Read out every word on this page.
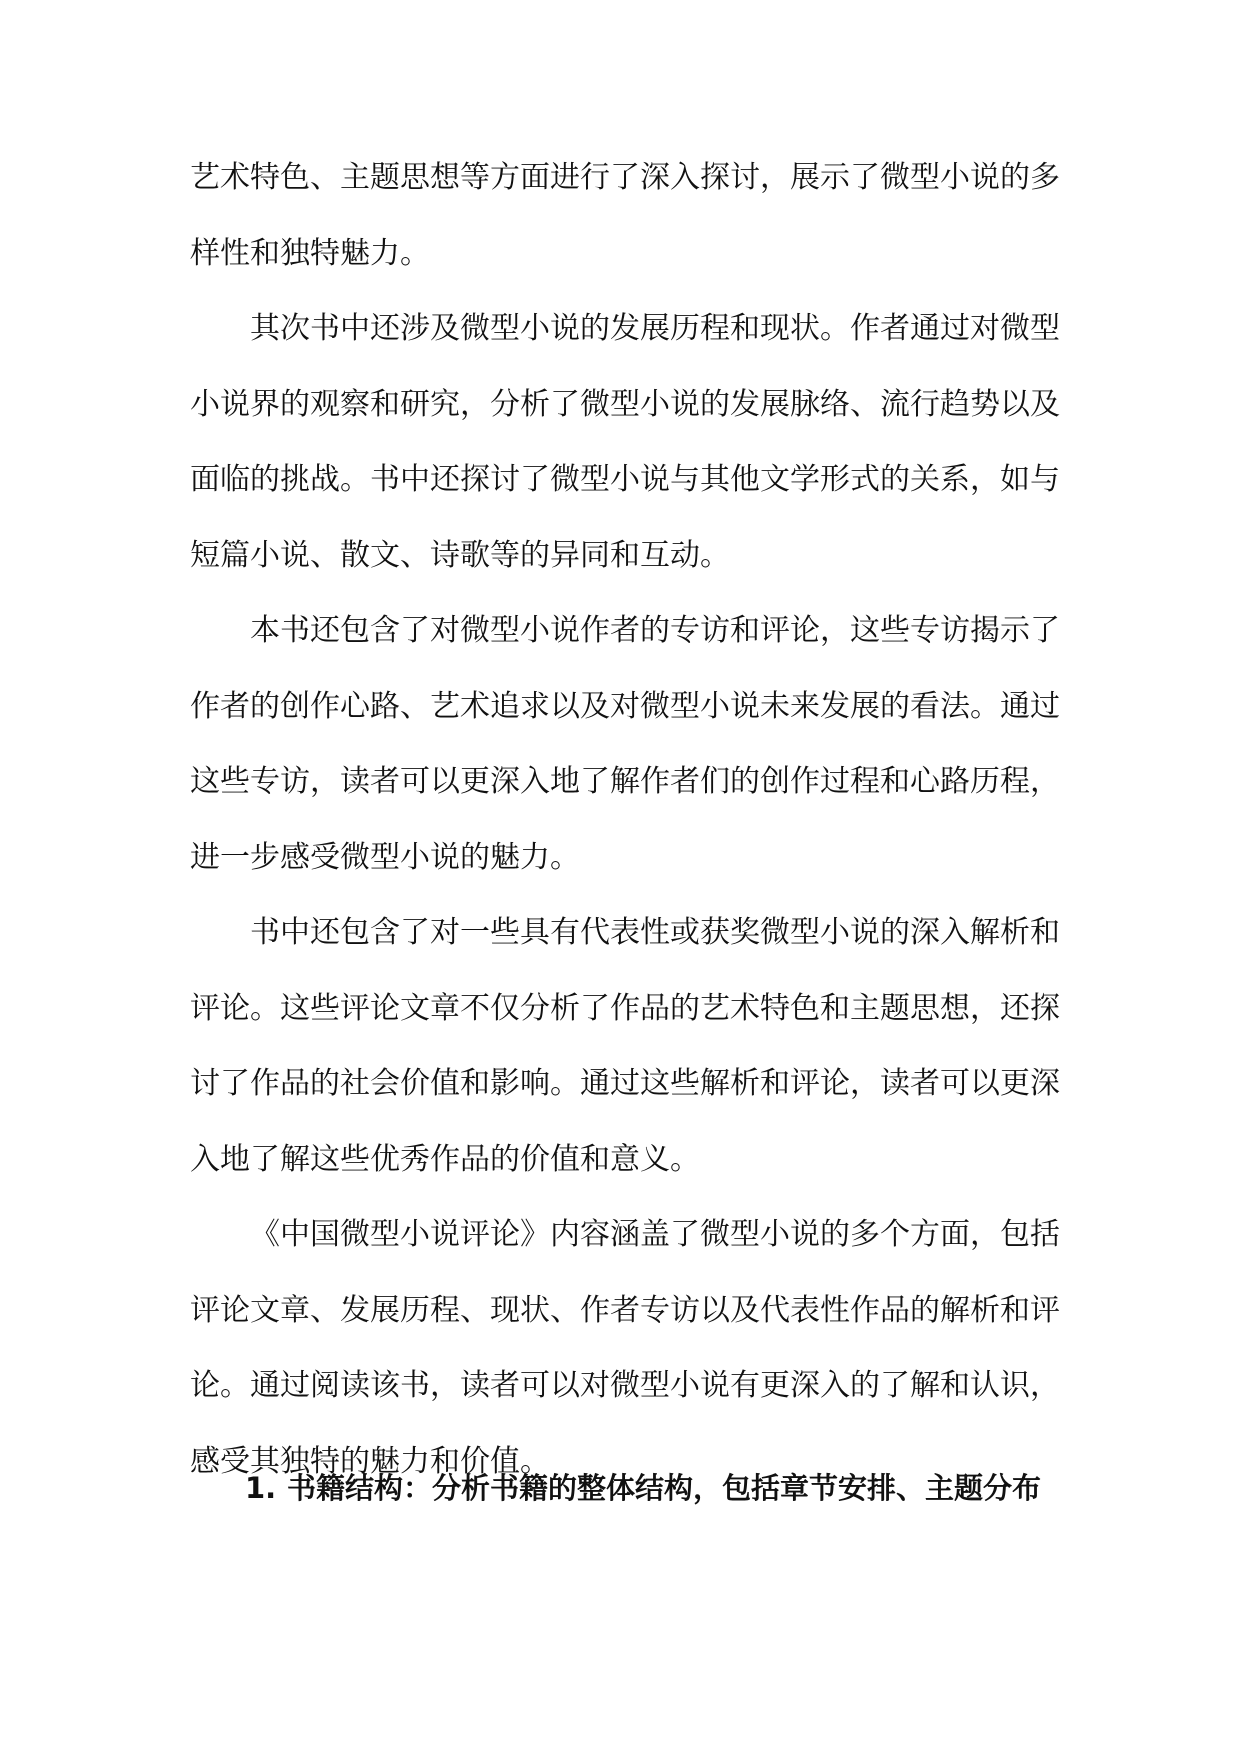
艺术特色、主题思想等方面进行了深入探讨，展示了微型小说的多样性和独特魅力。

其次书中还涉及微型小说的发展历程和现状。作者通过对微型小说界的观察和研究，分析了微型小说的发展脉络、流行趋势以及面临的挑战。书中还探讨了微型小说与其他文学形式的关系，如与短篇小说、散文、诗歌等的异同和互动。

本书还包含了对微型小说作者的专访和评论，这些专访揭示了作者的创作心路、艺术追求以及对微型小说未来发展的看法。通过这些专访，读者可以更深入地了解作者们的创作过程和心路历程，进一步感受微型小说的魅力。

书中还包含了对一些具有代表性或获奖微型小说的深入解析和评论。这些评论文章不仅分析了作品的艺术特色和主题思想，还探讨了作品的社会价值和影响。通过这些解析和评论，读者可以更深入地了解这些优秀作品的价值和意义。

《中国微型小说评论》内容涵盖了微型小说的多个方面，包括评论文章、发展历程、现状、作者专访以及代表性作品的解析和评论。通过阅读该书，读者可以对微型小说有更深入的了解和认识，感受其独特的魅力和价值。

1. 书籍结构：分析书籍的整体结构，包括章节安排、主题分布
